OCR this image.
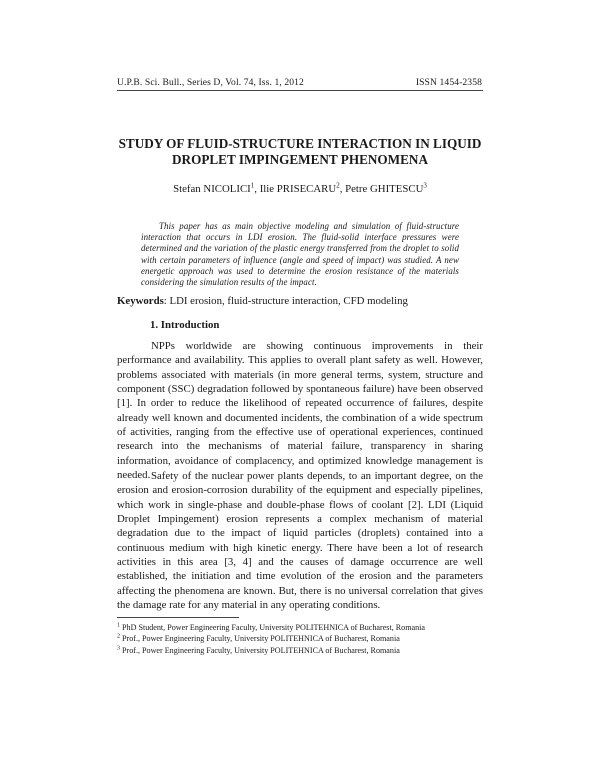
U.P.B. Sci. Bull., Series D, Vol. 74, Iss. 1, 2012	ISSN 1454-2358
STUDY OF FLUID-STRUCTURE INTERACTION IN LIQUID DROPLET IMPINGEMENT PHENOMENA
Stefan NICOLICI$^1$, Ilie PRISECARU$^2$, Petre GHITESCU$^3$
This paper has as main objective modeling and simulation of fluid-structure interaction that occurs in LDI erosion. The fluid-solid interface pressures were determined and the variation of the plastic energy transferred from the droplet to solid with certain parameters of influence (angle and speed of impact) was studied. A new energetic approach was used to determine the erosion resistance of the materials considering the simulation results of the impact.
Keywords: LDI erosion, fluid-structure interaction, CFD modeling
1. Introduction
NPPs worldwide are showing continuous improvements in their performance and availability. This applies to overall plant safety as well. However, problems associated with materials (in more general terms, system, structure and component (SSC) degradation followed by spontaneous failure) have been observed [1]. In order to reduce the likelihood of repeated occurrence of failures, despite already well known and documented incidents, the combination of a wide spectrum of activities, ranging from the effective use of operational experiences, continued research into the mechanisms of material failure, transparency in sharing information, avoidance of complacency, and optimized knowledge management is needed. Safety of the nuclear power plants depends, to an important degree, on the erosion and erosion-corrosion durability of the equipment and especially pipelines, which work in single-phase and double-phase flows of coolant [2]. LDI (Liquid Droplet Impingement) erosion represents a complex mechanism of material degradation due to the impact of liquid particles (droplets) contained into a continuous medium with high kinetic energy. There have been a lot of research activities in this area [3, 4] and the causes of damage occurrence are well established, the initiation and time evolution of the erosion and the parameters affecting the phenomena are known. But, there is no universal correlation that gives the damage rate for any material in any operating conditions.
$^1$ PhD Student, Power Engineering Faculty, University POLITEHNICA of Bucharest, Romania
$^2$ Prof., Power Engineering Faculty, University POLITEHNICA of Bucharest, Romania
$^3$ Prof., Power Engineering Faculty, University POLITEHNICA of Bucharest, Romania
